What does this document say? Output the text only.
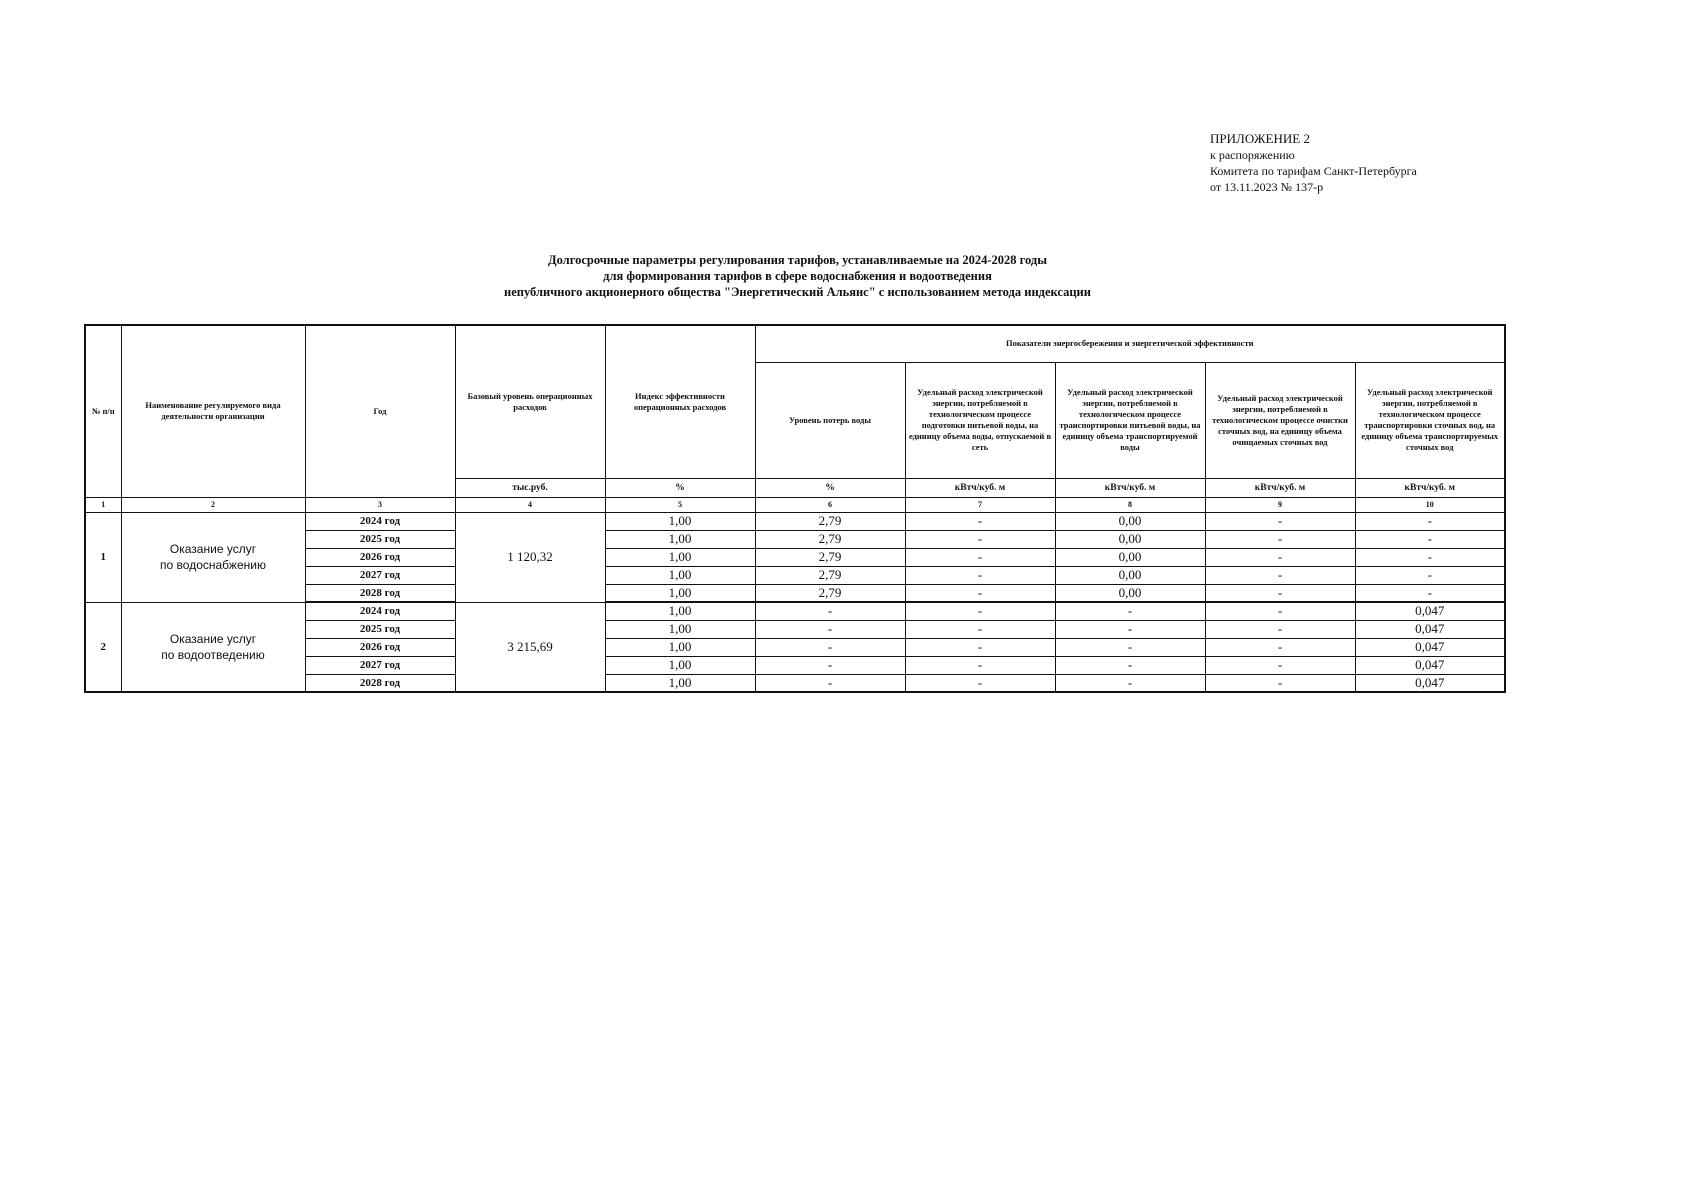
ПРИЛОЖЕНИЕ 2
к распоряжению
Комитета по тарифам Санкт-Петербурга
от 13.11.2023 № 137-р
Долгосрочные параметры регулирования тарифов, устанавливаемые на 2024-2028 годы
для формирования тарифов в сфере водоснабжения и водоотведения
непубличного акционерного общества "Энергетический Альянс" с использованием метода индексации
№ п/п	Наименование регулируемого вида деятельности организации	Год	Базовый уровень операционных расходов	Индекс эффективности операционных расходов	Показатели энергосбережения и энергетической эффективности				
					Уровень потерь воды	Удельный расход электрической энергии, потребляемой в технологическом процессе подготовки питьевой воды, на единицу объема воды, отпускаемой в сеть	Удельный расход электрической энергии, потребляемой в технологическом процессе транспортировки питьевой воды, на единицу объема транспортируемой воды	Удельный расход электрической энергии, потребляемой в технологическом процессе очистки сточных вод, на единицу объема очищаемых сточных вод	Удельный расход электрической энергии, потребляемой в технологическом процессе транспортировки сточных вод, на единицу объема транспортируемых сточных вод
			тыс.руб.	%	%	кВтч/куб. м	кВтч/куб. м	кВтч/куб. м	кВтч/куб. м
1	2	3	4	5	6	7	8	9	10
1	Оказание услуг
по водоснабжению	2024 год	1 120,32	1,00	2,79	-	0,00	-	-
		2025 год		1,00	2,79	-	0,00	-	-
		2026 год		1,00	2,79	-	0,00	-	-
		2027 год		1,00	2,79	-	0,00	-	-
		2028 год		1,00	2,79	-	0,00	-	-
2	Оказание услуг
по водоотведению	2024 год	3 215,69	1,00	-	-	-	-	0,047
		2025 год		1,00	-	-	-	-	0,047
		2026 год		1,00	-	-	-	-	0,047
		2027 год		1,00	-	-	-	-	0,047
		2028 год		1,00	-	-	-	-	0,047
